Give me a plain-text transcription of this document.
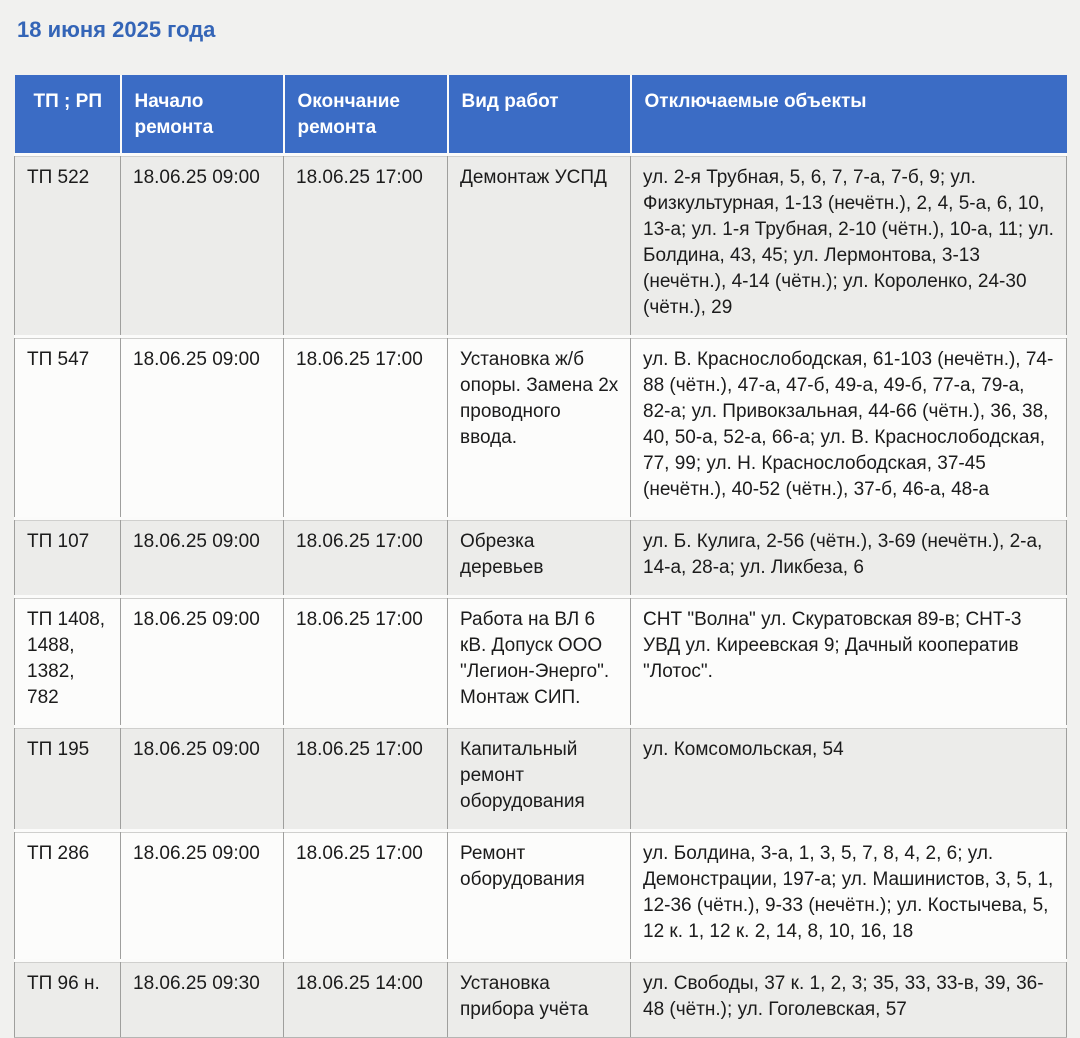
18 июня 2025 года
ТП ; РП	Начало ремонта	Окончание ремонта	Вид работ	Отключаемые объекты
ТП 522	18.06.25 09:00	18.06.25 17:00	Демонтаж УСПД	ул. 2-я Трубная, 5, 6, 7, 7-а, 7-б, 9; ул. Физкультурная, 1-13 (нечётн.), 2, 4, 5-а, 6, 10, 13-а; ул. 1-я Трубная, 2-10 (чётн.), 10-а, 11; ул. Болдина, 43, 45; ул. Лермонтова, 3-13 (нечётн.), 4-14 (чётн.); ул. Короленко, 24-30 (чётн.), 29
ТП 547	18.06.25 09:00	18.06.25 17:00	Установка ж/б опоры. Замена 2х проводного ввода.	ул. В. Краснослободская, 61-103 (нечётн.), 74-88 (чётн.), 47-а, 47-б, 49-а, 49-б, 77-а, 79-а, 82-а; ул. Привокзальная, 44-66 (чётн.), 36, 38, 40, 50-а, 52-а, 66-а; ул. В. Краснослободская, 77, 99; ул. Н. Краснослободская, 37-45 (нечётн.), 40-52 (чётн.), 37-б, 46-а, 48-а
ТП 107	18.06.25 09:00	18.06.25 17:00	Обрезка деревьев	ул. Б. Кулига, 2-56 (чётн.), 3-69 (нечётн.), 2-а, 14-а, 28-а; ул. Ликбеза, 6
ТП 1408, 1488, 1382, 782	18.06.25 09:00	18.06.25 17:00	Работа на ВЛ 6 кВ. Допуск ООО "Легион-Энерго". Монтаж СИП.	СНТ "Волна" ул. Скуратовская 89-в; СНТ-3 УВД ул. Киреевская 9; Дачный кооператив "Лотос".
ТП 195	18.06.25 09:00	18.06.25 17:00	Капитальный ремонт оборудования	ул. Комсомольская, 54
ТП 286	18.06.25 09:00	18.06.25 17:00	Ремонт оборудования	ул. Болдина, 3-а, 1, 3, 5, 7, 8, 4, 2, 6; ул. Демонстрации, 197-а; ул. Машинистов, 3, 5, 1, 12-36 (чётн.), 9-33 (нечётн.); ул. Костычева, 5, 12 к. 1, 12 к. 2, 14, 8, 10, 16, 18
ТП 96 н.	18.06.25 09:30	18.06.25 14:00	Установка прибора учёта	ул. Свободы, 37 к. 1, 2, 3; 35, 33, 33-в, 39, 36-48 (чётн.); ул. Гоголевская, 57
